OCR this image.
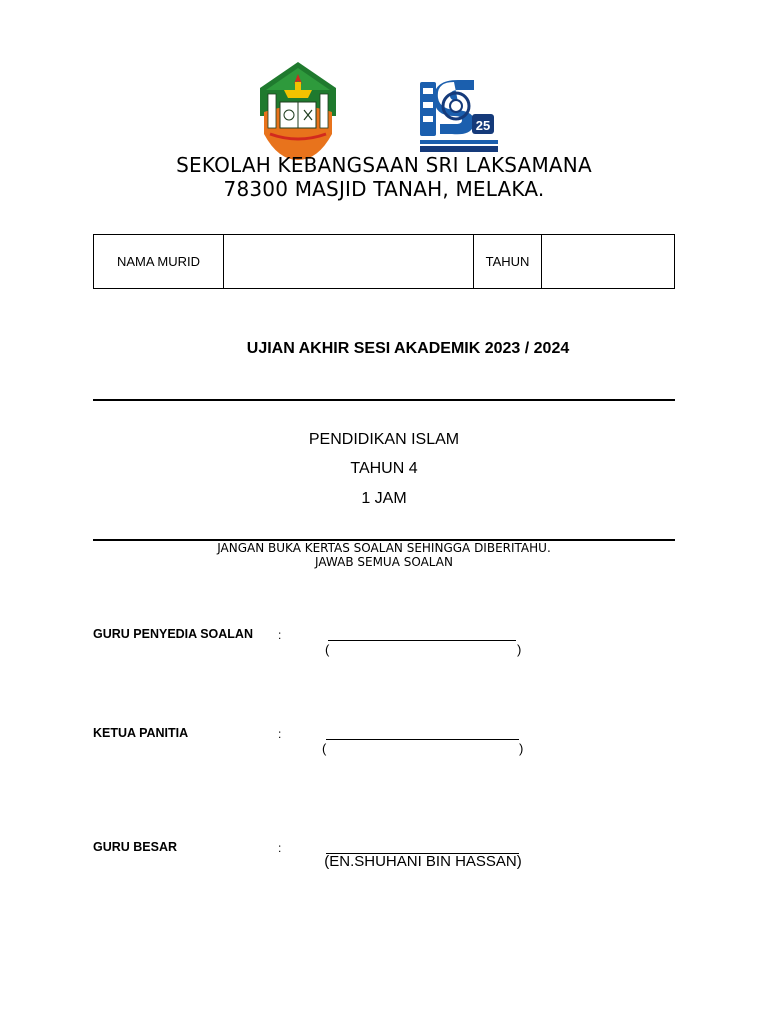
25
SEKOLAH KEBANGSAAN SRI LAKSAMANA
78300 MASJID TANAH, MELAKA.
NAMA MURID		TAHUN	
UJIAN AKHIR SESI AKADEMIK 2023 / 2024
PENDIDIKAN ISLAM
TAHUN 4
1 JAM
JANGAN BUKA KERTAS SOALAN SEHINGGA DIBERITAHU.
JAWAB SEMUA SOALAN
GURU PENYEDIA SOALAN :
(	)
KETUA PANITIA	:
(	)
GURU BESAR	:
(EN.SHUHANI BIN HASSAN)
